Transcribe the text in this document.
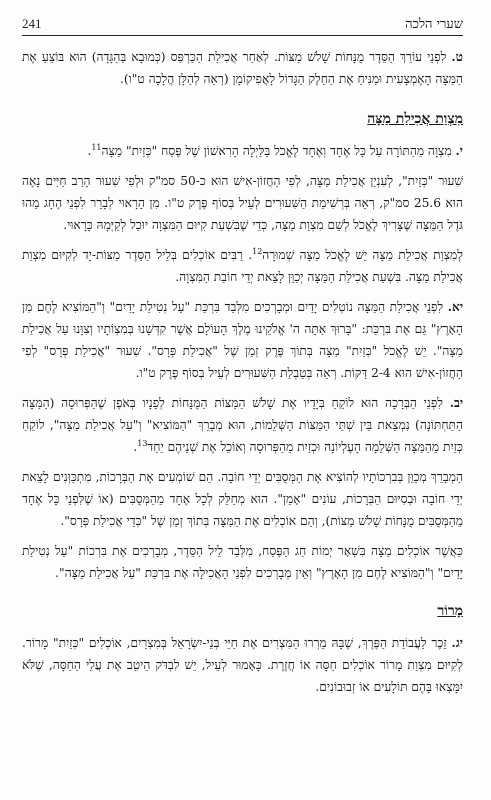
241	שערי הלכה

ט. לִפְנֵי עוֹרֵךְ הַסֵּדֶר מֻנָּחוֹת שָׁלֹשׁ מַצּוֹת. לְאַחַר אֲכִילַת הַכַּרְפַּס (כְּמוּבָא בַּהַגָּדָה) הוּא בּוֹצֵעַ אֶת הַמַּצָּה הָאֶמְצָעִית וּמַנִּיחַ אֶת הַחֵלֶק הַגָּדוֹל לָאֲפִיקוֹמָן (רְאֵה לְהַלָּן הֲלָכָה ט"ו).

מִצְוַת אֲכִילַת מַצָּה

י. מִצְוָה מֵהַתּוֹרָה עַל כָּל אֶחָד וְאֶחָד לֶאֱכֹל בַּלַּיְלָה הָרִאשׁוֹן שֶׁל פֶּסַח "כְּזַיִת" מַצָּה$^{11}$.

שִׁעוּר "כְּזַיִת", לְעִנְיַן אֲכִילַת מַצָּה, לְפִי הַחֲזוֹן-אִישׁ הוּא כ-50 סמ"ק וּלְפִי שִׁעוּר הָרַב חַיִּים נָאֶה הוּא 25.6 סמ"ק, רְאֵה בְּרְשִׁימַת הַשִּׁעוּרִים לְעֵיל בְּסוֹף פֶּרֶק ט"ו. מִן הָרָאוּי לְבָרֵר לִפְנֵי הֶחָג מַהוּ גֹּדֶל הַמַּצָּה שֶׁצָּרִיךְ לֶאֱכֹל לְשֵׁם מִצְוַת מַצָּה, כְּדֵי שֶׁבִּשְׁעַת קִיּוּם הַמִּצְוָה יוּכַל לְקַיְּמָהּ כָּרָאוּי.

לְמִצְוַת אֲכִילַת מַצָּה יֵשׁ לֶאֱכֹל מַצָּה שְׁמוּרָה$^{12}$. רַבִּים אוֹכְלִים בְּלֵיל הַסֵּדֶר מַצּוֹת-יָד לְקִיּוּם מִצְוַת אֲכִילַת מַצָּה. בִּשְׁעַת אֲכִילַת הַמַּצָּה יְכַוֵּן לָצֵאת יְדֵי חוֹבַת הַמִּצְוָה.

יא. לִפְנֵי אֲכִילַת הַמַּצָּה נוֹטְלִים יָדַיִם וּמְבָרְכִים מִלְּבַד בִּרְכַּת "עַל נְטִילַת יָדַיִם" וְ"הַמּוֹצִיא לֶחֶם מִן הָאָרֶץ" גַּם אֶת בִּרְכַּת: "בָּרוּךְ אַתָּה ה' אֱלֹקֵינוּ מֶלֶךְ הָעוֹלָם אֲשֶׁר קִדְּשָׁנוּ בְּמִצְוֹתָיו וְצִוָּנוּ עַל אֲכִילַת מַצָּה". יֵשׁ לֶאֱכֹל "כְּזַיִת" מַצָּה בְּתוֹךְ פֶּרֶק זְמַן שֶׁל "אֲכִילַת פְּרָס". שִׁעוּר "אֲכִילַת פְּרָס" לְפִי הַחֲזוֹן-אִישׁ הוּא 2-4 דַּקּוֹת. רְאֵה בְּטַבְלַת הַשִּׁעוּרִים לְעֵיל בְּסוֹף פֶּרֶק ט"ו.

יב. לִפְנֵי הַבְּרָכָה הוּא לוֹקֵחַ בְּיָדָיו אֶת שָׁלֹשׁ הַמַּצּוֹת הַמֻּנָּחוֹת לְפָנָיו בְּאֹפֶן שֶׁהַפְּרוּסָה (הַמַּצָּה הַתַּחְתּוֹנָה) נִמְצֵאת בֵּין שְׁתֵּי הַמַּצּוֹת הַשְּׁלֵמוֹת, הוּא מְבָרֵךְ "הַמּוֹצִיא" וְ"עַל אֲכִילַת מַצָּה", לוֹקֵחַ כְּזַיִת מֵהַמַּצָּה הַשְּׁלֵמָה הָעֶלְיוֹנָה וּכְזַיִת מֵהַפְּרוּסָה וְאוֹכֵל אֶת שְׁנֵיהֶם יַחַד$^{13}$.

הַמְבָרֵךְ מְכַוֵּן בְּבִרְכוֹתָיו לְהוֹצִיא אֶת הַמְּסֻבִּים יְדֵי חוֹבָה. הֵם שׁוֹמְעִים אֶת הַבְּרָכוֹת, מִתְכַּוְּנִים לָצֵאת יְדֵי חוֹבָה וּבְסִיּוּם הַבְּרָכוֹת, עוֹנִים "אָמֵן". הוּא מְחַלֵּק לְכָל אֶחָד מֵהַמְּסֻבִּים (אוֹ שֶׁלִּפְנֵי כָּל אֶחָד מֵהַמְּסֻבִּים מֻנָּחוֹת שָׁלֹשׁ מַצּוֹת), וְהֵם אוֹכְלִים אֶת הַמַּצָּה בְּתוֹךְ זְמַן שֶׁל "כְּדֵי אֲכִילַת פְּרָס".

כַּאֲשֶׁר אוֹכְלִים מַצָּה בִּשְׁאָר יְמוֹת חַג הַפֶּסַח, מִלְּבַד לֵיל הַסֵּדֶר, מְבָרְכִים אֶת בִּרְכוֹת "עַל נְטִילַת יָדַיִם" וְ"הַמּוֹצִיא לֶחֶם מִן הָאָרֶץ" וְאֵין מְבָרְכִים לִפְנֵי הָאֲכִילָה אֶת בִּרְכַּת "עַל אֲכִילַת מַצָּה".

מָרוֹר

יג. זֵכֶר לַעֲבוֹדַת הַפֶּרֶךְ, שֶׁבָּהּ מֵרְרוּ הַמִּצְרִים אֶת חַיֵּי בְּנֵי-יִשְׂרָאֵל בְּמִצְרַיִם, אוֹכְלִים "כְּזַיִת" מָרוֹר. לְקִיּוּם מִצְוַת מָרוֹר אוֹכְלִים חַסָּה אוֹ חֲזֶרֶת. כָּאָמוּר לְעֵיל, יֵשׁ לִבְדֹּק הֵיטֵב אֶת עֲלֵי הַחַסָּה, שֶׁלֹּא יִמָּצְאוּ בָּהֶם תּוֹלָעִים אוֹ זְבוּבוֹנִים.
